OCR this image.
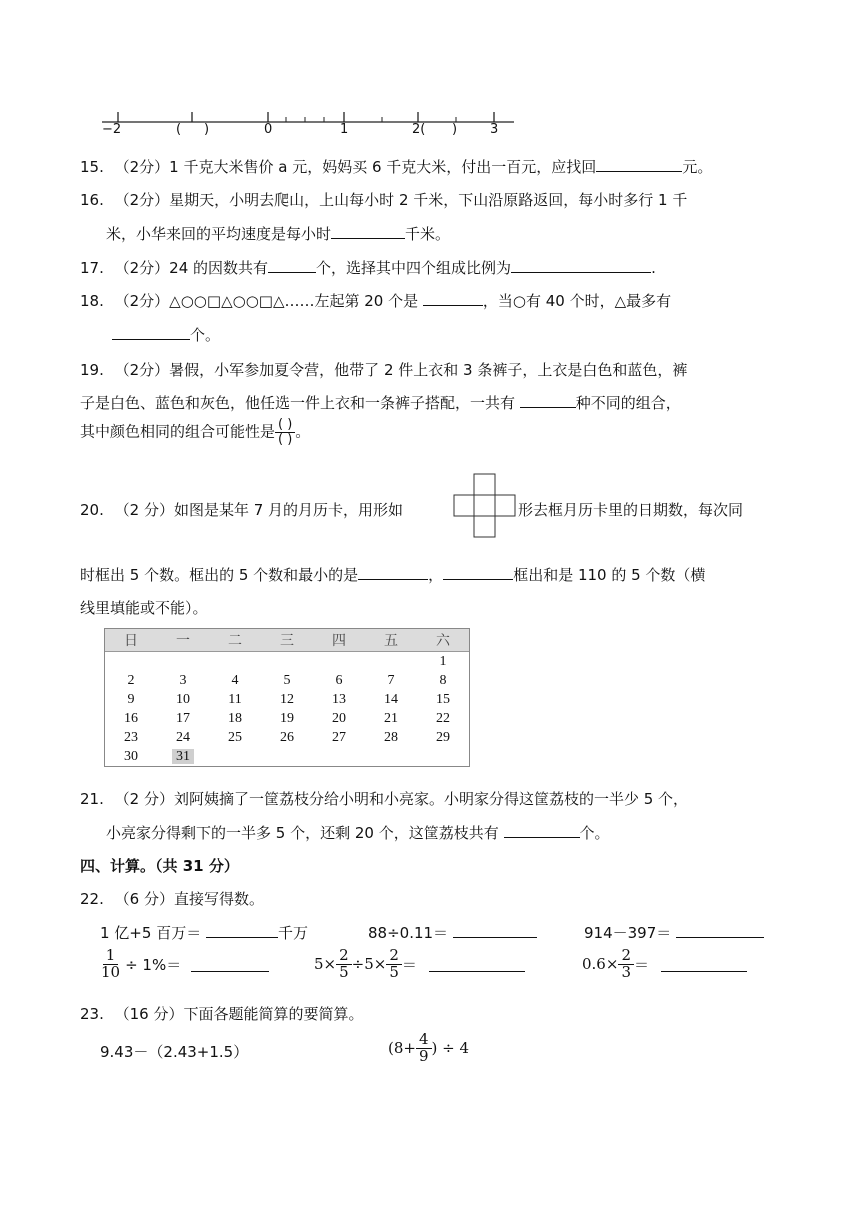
−2	( )	0	1	2( )	3
15. （2分）1 千克大米售价 a 元，妈妈买 6 千克大米，付出一百元，应找回	元。
16. （2分）星期天，小明去爬山，上山每小时 2 千米，下山沿原路返回，每小时多行 1 千
米，小华来回的平均速度是每小时	千米。
17. （2分）24 的因数共有	个，选择其中四个组成比例为	.
18. （2分）△○○□△○○□△……左起第 20 个是	，当○有 40 个时，△最多有
个。
19. （2分）暑假，小军参加夏令营，他带了 2 件上衣和 3 条裤子，上衣是白色和蓝色，裤
子是白色、蓝色和灰色，他任选一件上衣和一条裤子搭配，一共有	种不同的组合，
其中颜色相同的组合可能性是 $\frac{( )}{( )}$ 。
20. （2 分）如图是某年 7 月的月历卡，用形如	形去框月历卡里的日期数，每次同
时框出 5 个数。框出的 5 个数和最小的是	，	框出和是 110 的 5 个数（横
线里填能或不能）。
日	一	二	三	四	五	六
						1
2	3	4	5	6	7	8
9	10	11	12	13	14	15
16	17	18	19	20	21	22
23	24	25	26	27	28	29
30	31					
21. （2 分）刘阿姨摘了一筐荔枝分给小明和小亮家。小明家分得这筐荔枝的一半少 5 个，
小亮家分得剩下的一半多 5 个，还剩 20 个，这筐荔枝共有	个。
四、计算。（共 31 分）
22. （6 分）直接写得数。
1 亿+5 百万＝	千万	88÷0.11＝	914－397＝
$\frac{1}{10} \div 1\%=$	$5\times \frac{2}{5} \div 5\times \frac{2}{5}$ ＝	$0.6\times \frac{2}{3}$ ＝
23. （16 分）下面各题能简算的要简算。
9.43－（2.43+1.5）	($8+ \frac{4}{9}$ ) ÷ 4
